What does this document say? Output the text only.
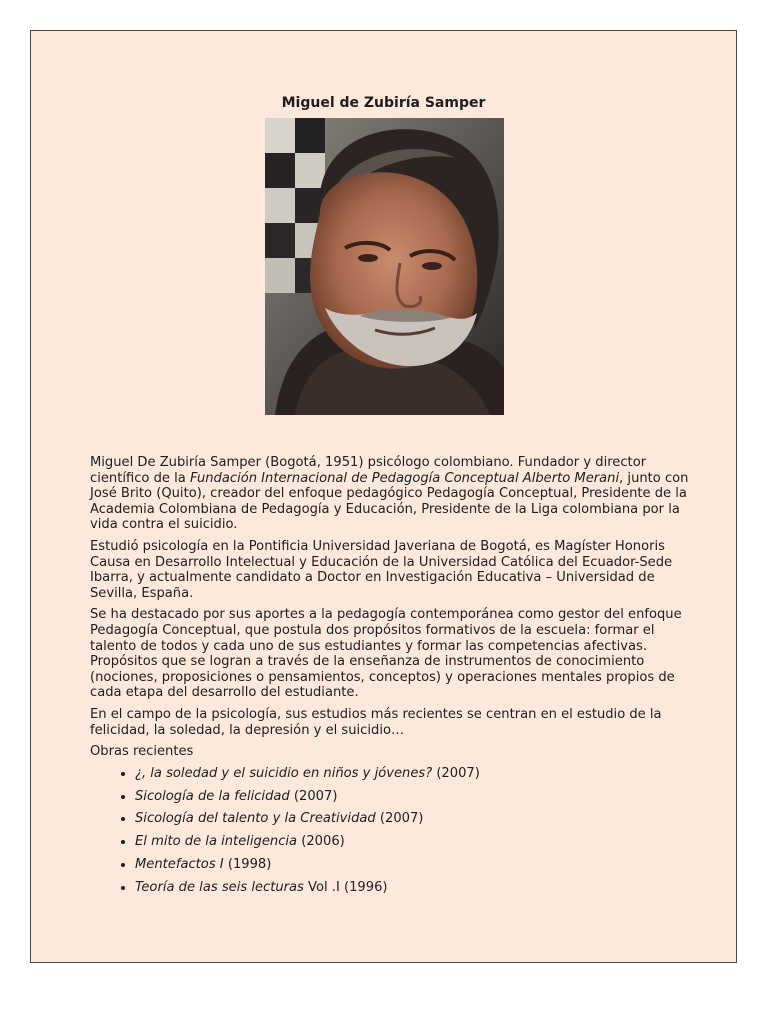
Miguel de Zubiría Samper

Miguel De Zubiría Samper (Bogotá, 1951) psicólogo colombiano. Fundador y director científico de la Fundación Internacional de Pedagogía Conceptual Alberto Merani, junto con José Brito (Quito), creador del enfoque pedagógico Pedagogía Conceptual, Presidente de la Academia Colombiana de Pedagogía y Educación, Presidente de la Liga colombiana por la vida contra el suicidio.

Estudió psicología en la Pontificia Universidad Javeriana de Bogotá, es Magíster Honoris Causa en Desarrollo Intelectual y Educación de la Universidad Católica del Ecuador-Sede Ibarra, y actualmente candidato a Doctor en Investigación Educativa – Universidad de Sevilla, España.

Se ha destacado por sus aportes a la pedagogía contemporánea como gestor del enfoque Pedagogía Conceptual, que postula dos propósitos formativos de la escuela: formar el talento de todos y cada uno de sus estudiantes y formar las competencias afectivas. Propósitos que se logran a través de la enseñanza de instrumentos de conocimiento (nociones, proposiciones o pensamientos, conceptos) y operaciones mentales propios de cada etapa del desarrollo del estudiante.

En el campo de la psicología, sus estudios más recientes se centran en el estudio de la felicidad, la soledad, la depresión y el suicidio…

Obras recientes

• ¿, la soledad y el suicidio en niños y jóvenes? (2007)
• Sicología de la felicidad (2007)
• Sicología del talento y la Creatividad (2007)
• El mito de la inteligencia (2006)
• Mentefactos I (1998)
• Teoría de las seis lecturas Vol .I (1996)
